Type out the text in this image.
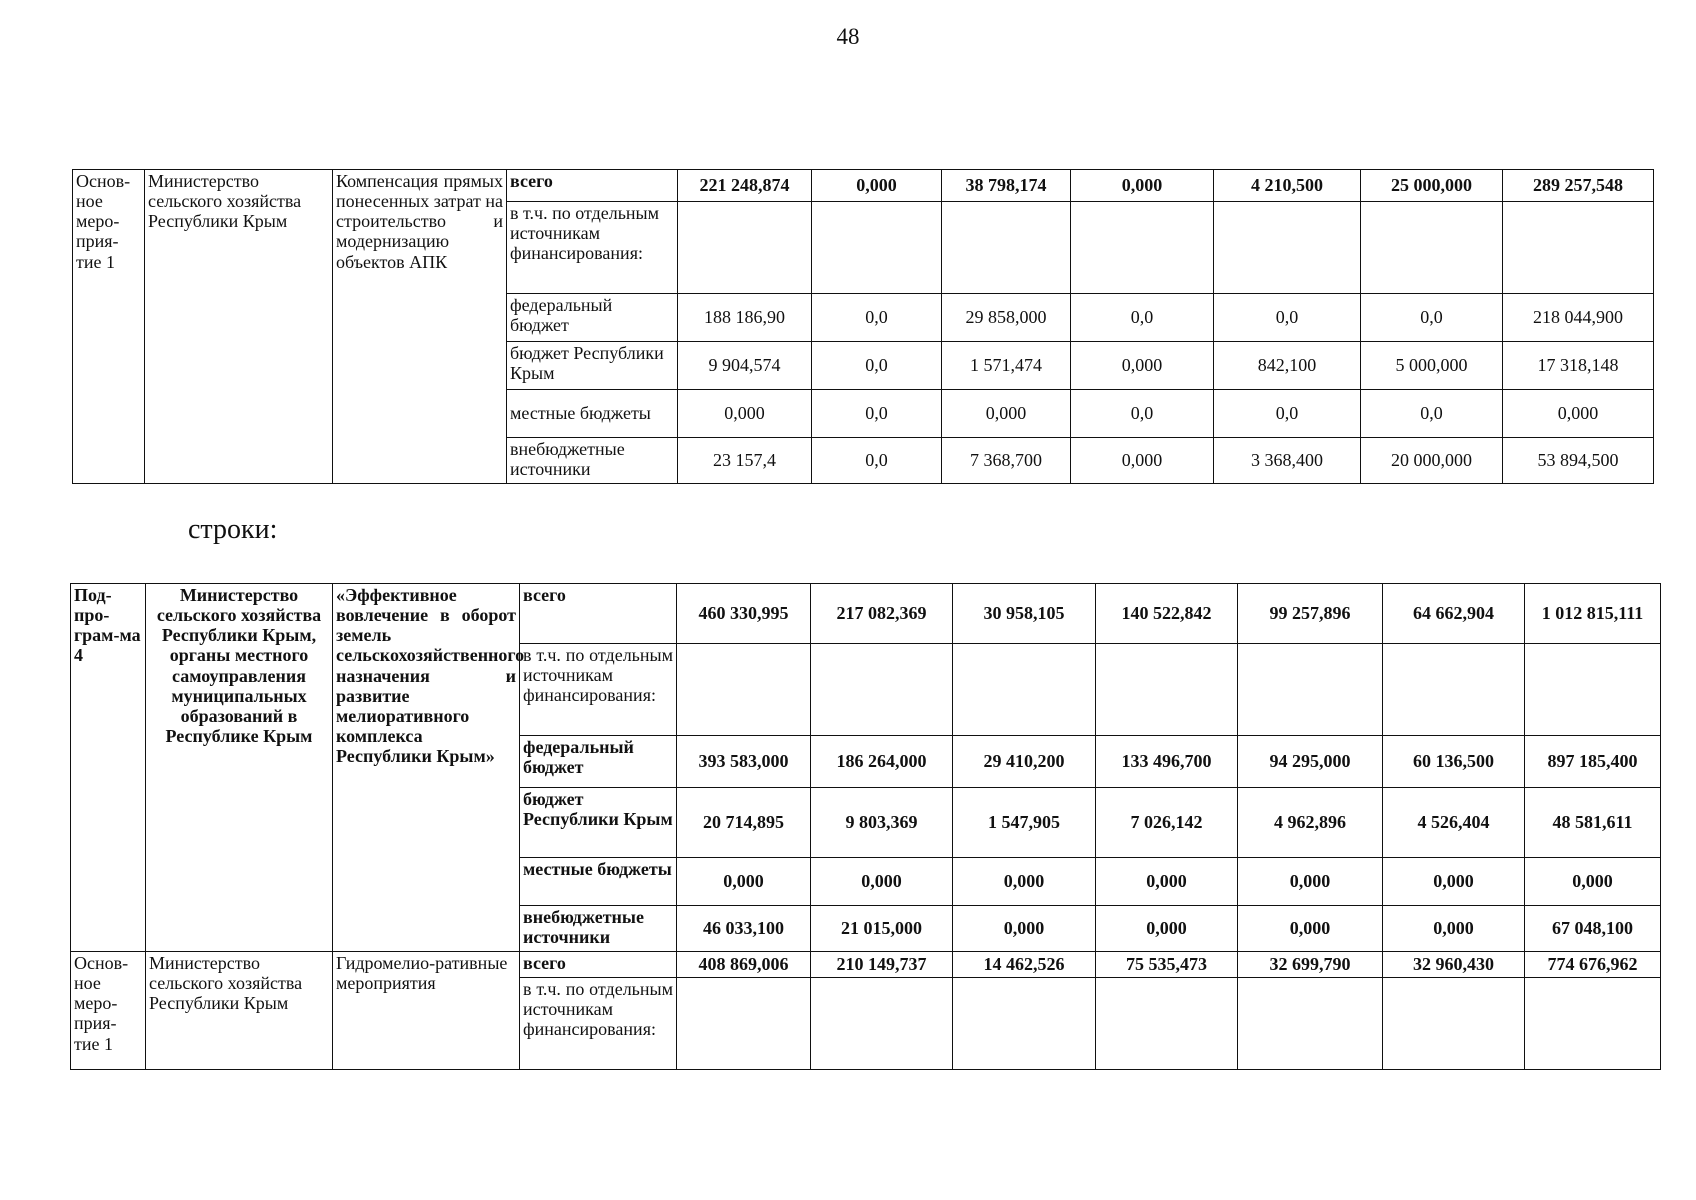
48
Основ-ное меро-прия-тие 1	Министерство сельского хозяйства Республики Крым	Компенсация прямых понесенных затрат на строительство и модернизацию объектов АПК	всего	221 248,874	0,000	38 798,174	0,000	4 210,500	25 000,000	289 257,548
			в т.ч. по отдельным источникам финансирования:							
			федеральный бюджет	188 186,90	0,0	29 858,000	0,0	0,0	0,0	218 044,900
			бюджет Республики Крым	9 904,574	0,0	1 571,474	0,000	842,100	5 000,000	17 318,148
			местные бюджеты	0,000	0,0	0,000	0,0	0,0	0,0	0,000
			внебюджетные источники	23 157,4	0,0	7 368,700	0,000	3 368,400	20 000,000	53 894,500
строки:
Под-про-грам-ма 4	Министерство сельского хозяйства Республики Крым, органы местного самоуправления муниципальных образований в Республике Крым	«Эффективное вовлечение в оборот земель сельскохозяйственного назначения и развитие мелиоративного комплекса Республики Крым»	всего	460 330,995	217 082,369	30 958,105	140 522,842	99 257,896	64 662,904	1 012 815,111
			в т.ч. по отдельным источникам финансирования:							
			федеральный бюджет	393 583,000	186 264,000	29 410,200	133 496,700	94 295,000	60 136,500	897 185,400
			бюджет Республики Крым	20 714,895	9 803,369	1 547,905	7 026,142	4 962,896	4 526,404	48 581,611
			местные бюджеты	0,000	0,000	0,000	0,000	0,000	0,000	0,000
			внебюджетные источники	46 033,100	21 015,000	0,000	0,000	0,000	0,000	67 048,100
Основ-ное меро-прия-тие 1	Министерство сельского хозяйства Республики Крым	Гидромелио-ративные мероприятия	всего	408 869,006	210 149,737	14 462,526	75 535,473	32 699,790	32 960,430	774 676,962
			в т.ч. по отдельным источникам финансирования:							
